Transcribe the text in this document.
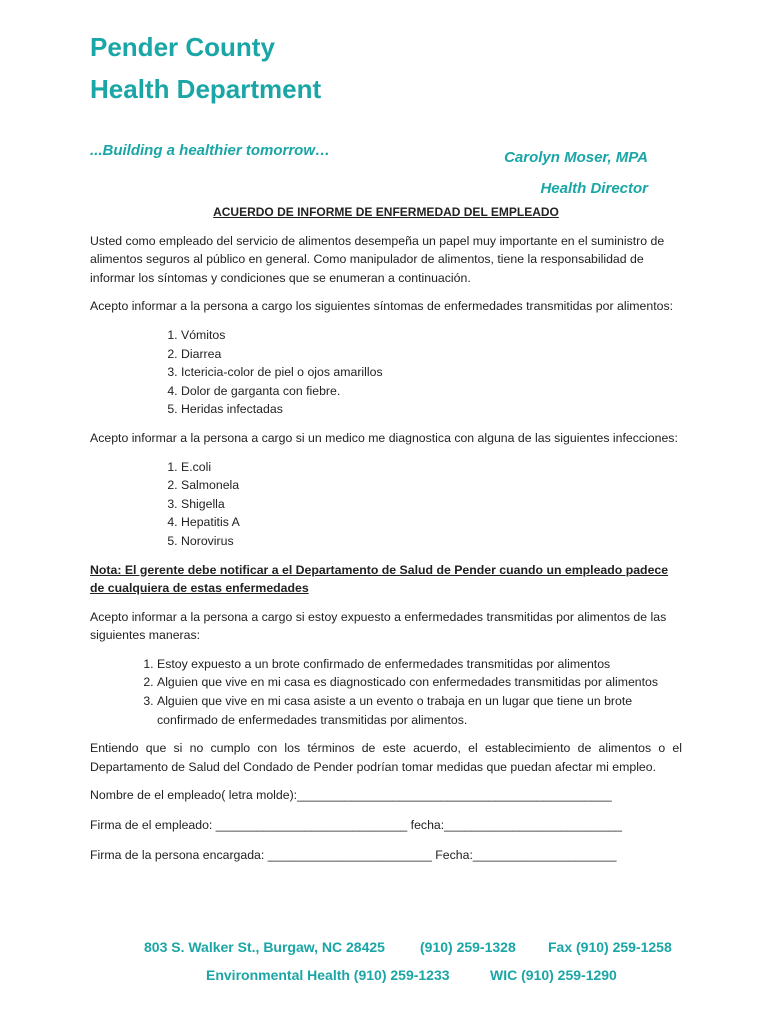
Pender County
Health Department
...Building a healthier tomorrow…	Carolyn Moser, MPA
Health Director
ACUERDO DE INFORME DE ENFERMEDAD DEL EMPLEADO

Usted como empleado del servicio de alimentos desempeña un papel muy importante en el suministro de alimentos seguros al público en general. Como manipulador de alimentos, tiene la responsabilidad de informar los síntomas y condiciones que se enumeran a continuación.

Acepto informar a la persona a cargo los siguientes síntomas de enfermedades transmitidas por alimentos:

1. Vómitos
2. Diarrea
3. Ictericia-color de piel o ojos amarillos
4. Dolor de garganta con fiebre.
5. Heridas infectadas

Acepto informar a la persona a cargo si un medico me diagnostica con alguna de las siguientes infecciones:

1. E.coli
2. Salmonela
3. Shigella
4. Hepatitis A
5. Norovirus

Nota: El gerente debe notificar a el Departamento de Salud de Pender cuando un empleado padece de cualquiera de estas enfermedades

Acepto informar a la persona a cargo si estoy expuesto a enfermedades transmitidas por alimentos de las siguientes maneras:

1. Estoy expuesto a un brote confirmado de enfermedades transmitidas por alimentos
2. Alguien que vive en mi casa es diagnosticado con enfermedades transmitidas por alimentos
3. Alguien que vive en mi casa asiste a un evento o trabaja en un lugar que tiene un brote confirmado de enfermedades transmitidas por alimentos.

Entiendo que si no cumplo con los términos de este acuerdo, el establecimiento de alimentos o el Departamento de Salud del Condado de Pender podrían tomar medidas que puedan afectar mi empleo.

Nombre de el empleado( letra molde):______________________________________________
Firma de el empleado: ____________________________ fecha:__________________________
Firma de la persona encargada: ________________________ Fecha:_____________________
803 S. Walker St., Burgaw, NC 28425	(910) 259-1328 Fax (910) 259-1258
Environmental Health (910) 259-1233	WIC (910) 259-1290
